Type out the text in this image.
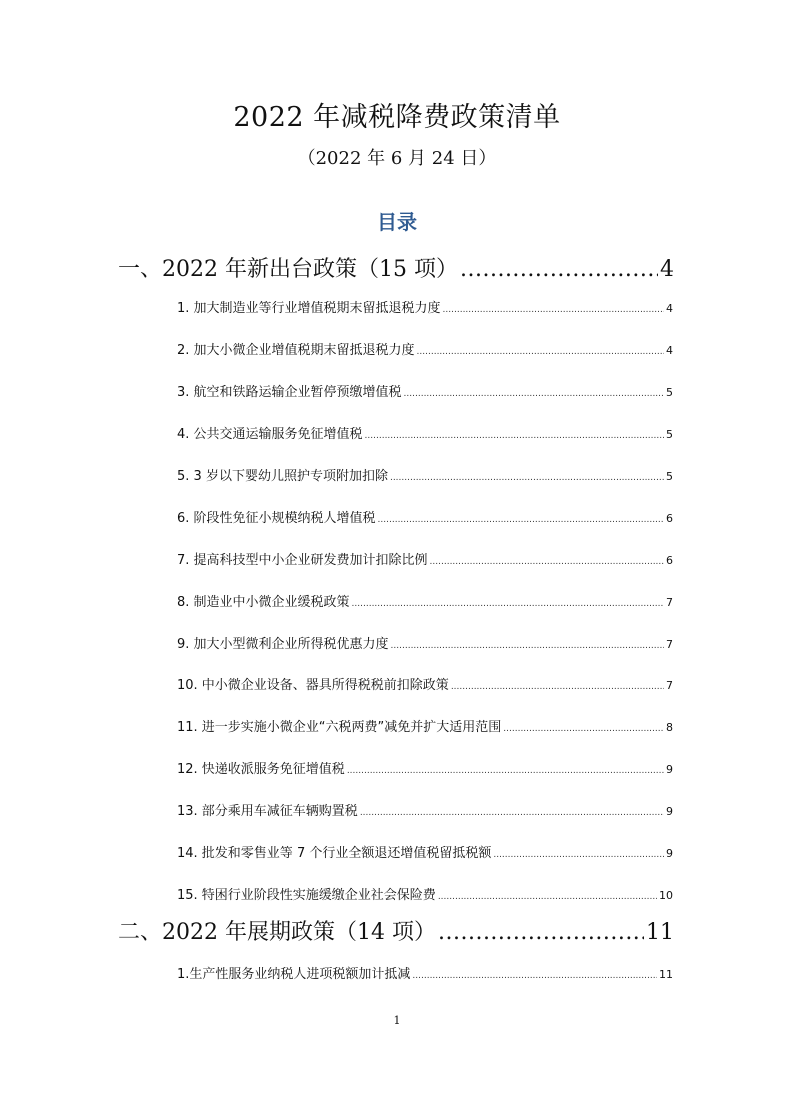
2022 年减税降费政策清单

（2022 年 6 月 24 日）

目录
一、2022 年新出台政策（15 项） .....	4
1. 加大制造业等行业增值税期末留抵退税力度 .....	4
2. 加大小微企业增值税期末留抵退税力度 .....	4
3. 航空和铁路运输企业暂停预缴增值税 .....	5
4. 公共交通运输服务免征增值税 .....	5
5. 3 岁以下婴幼儿照护专项附加扣除 .....	5
6. 阶段性免征小规模纳税人增值税 .....	6
7. 提高科技型中小企业研发费加计扣除比例 .....	6
8. 制造业中小微企业缓税政策 .....	7
9. 加大小型微利企业所得税优惠力度 .....	7
10. 中小微企业设备、器具所得税税前扣除政策 .....	7
11. 进一步实施小微企业“六税两费”减免并扩大适用范围 .....	8
12. 快递收派服务免征增值税 .....	9
13. 部分乘用车减征车辆购置税 .....	9
14. 批发和零售业等 7 个行业全额退还增值税留抵税额 .....	9
15. 特困行业阶段性实施缓缴企业社会保险费 .....	10
二、2022 年展期政策（14 项） .....	11
1.生产性服务业纳税人进项税额加计抵减 .....	11
1
